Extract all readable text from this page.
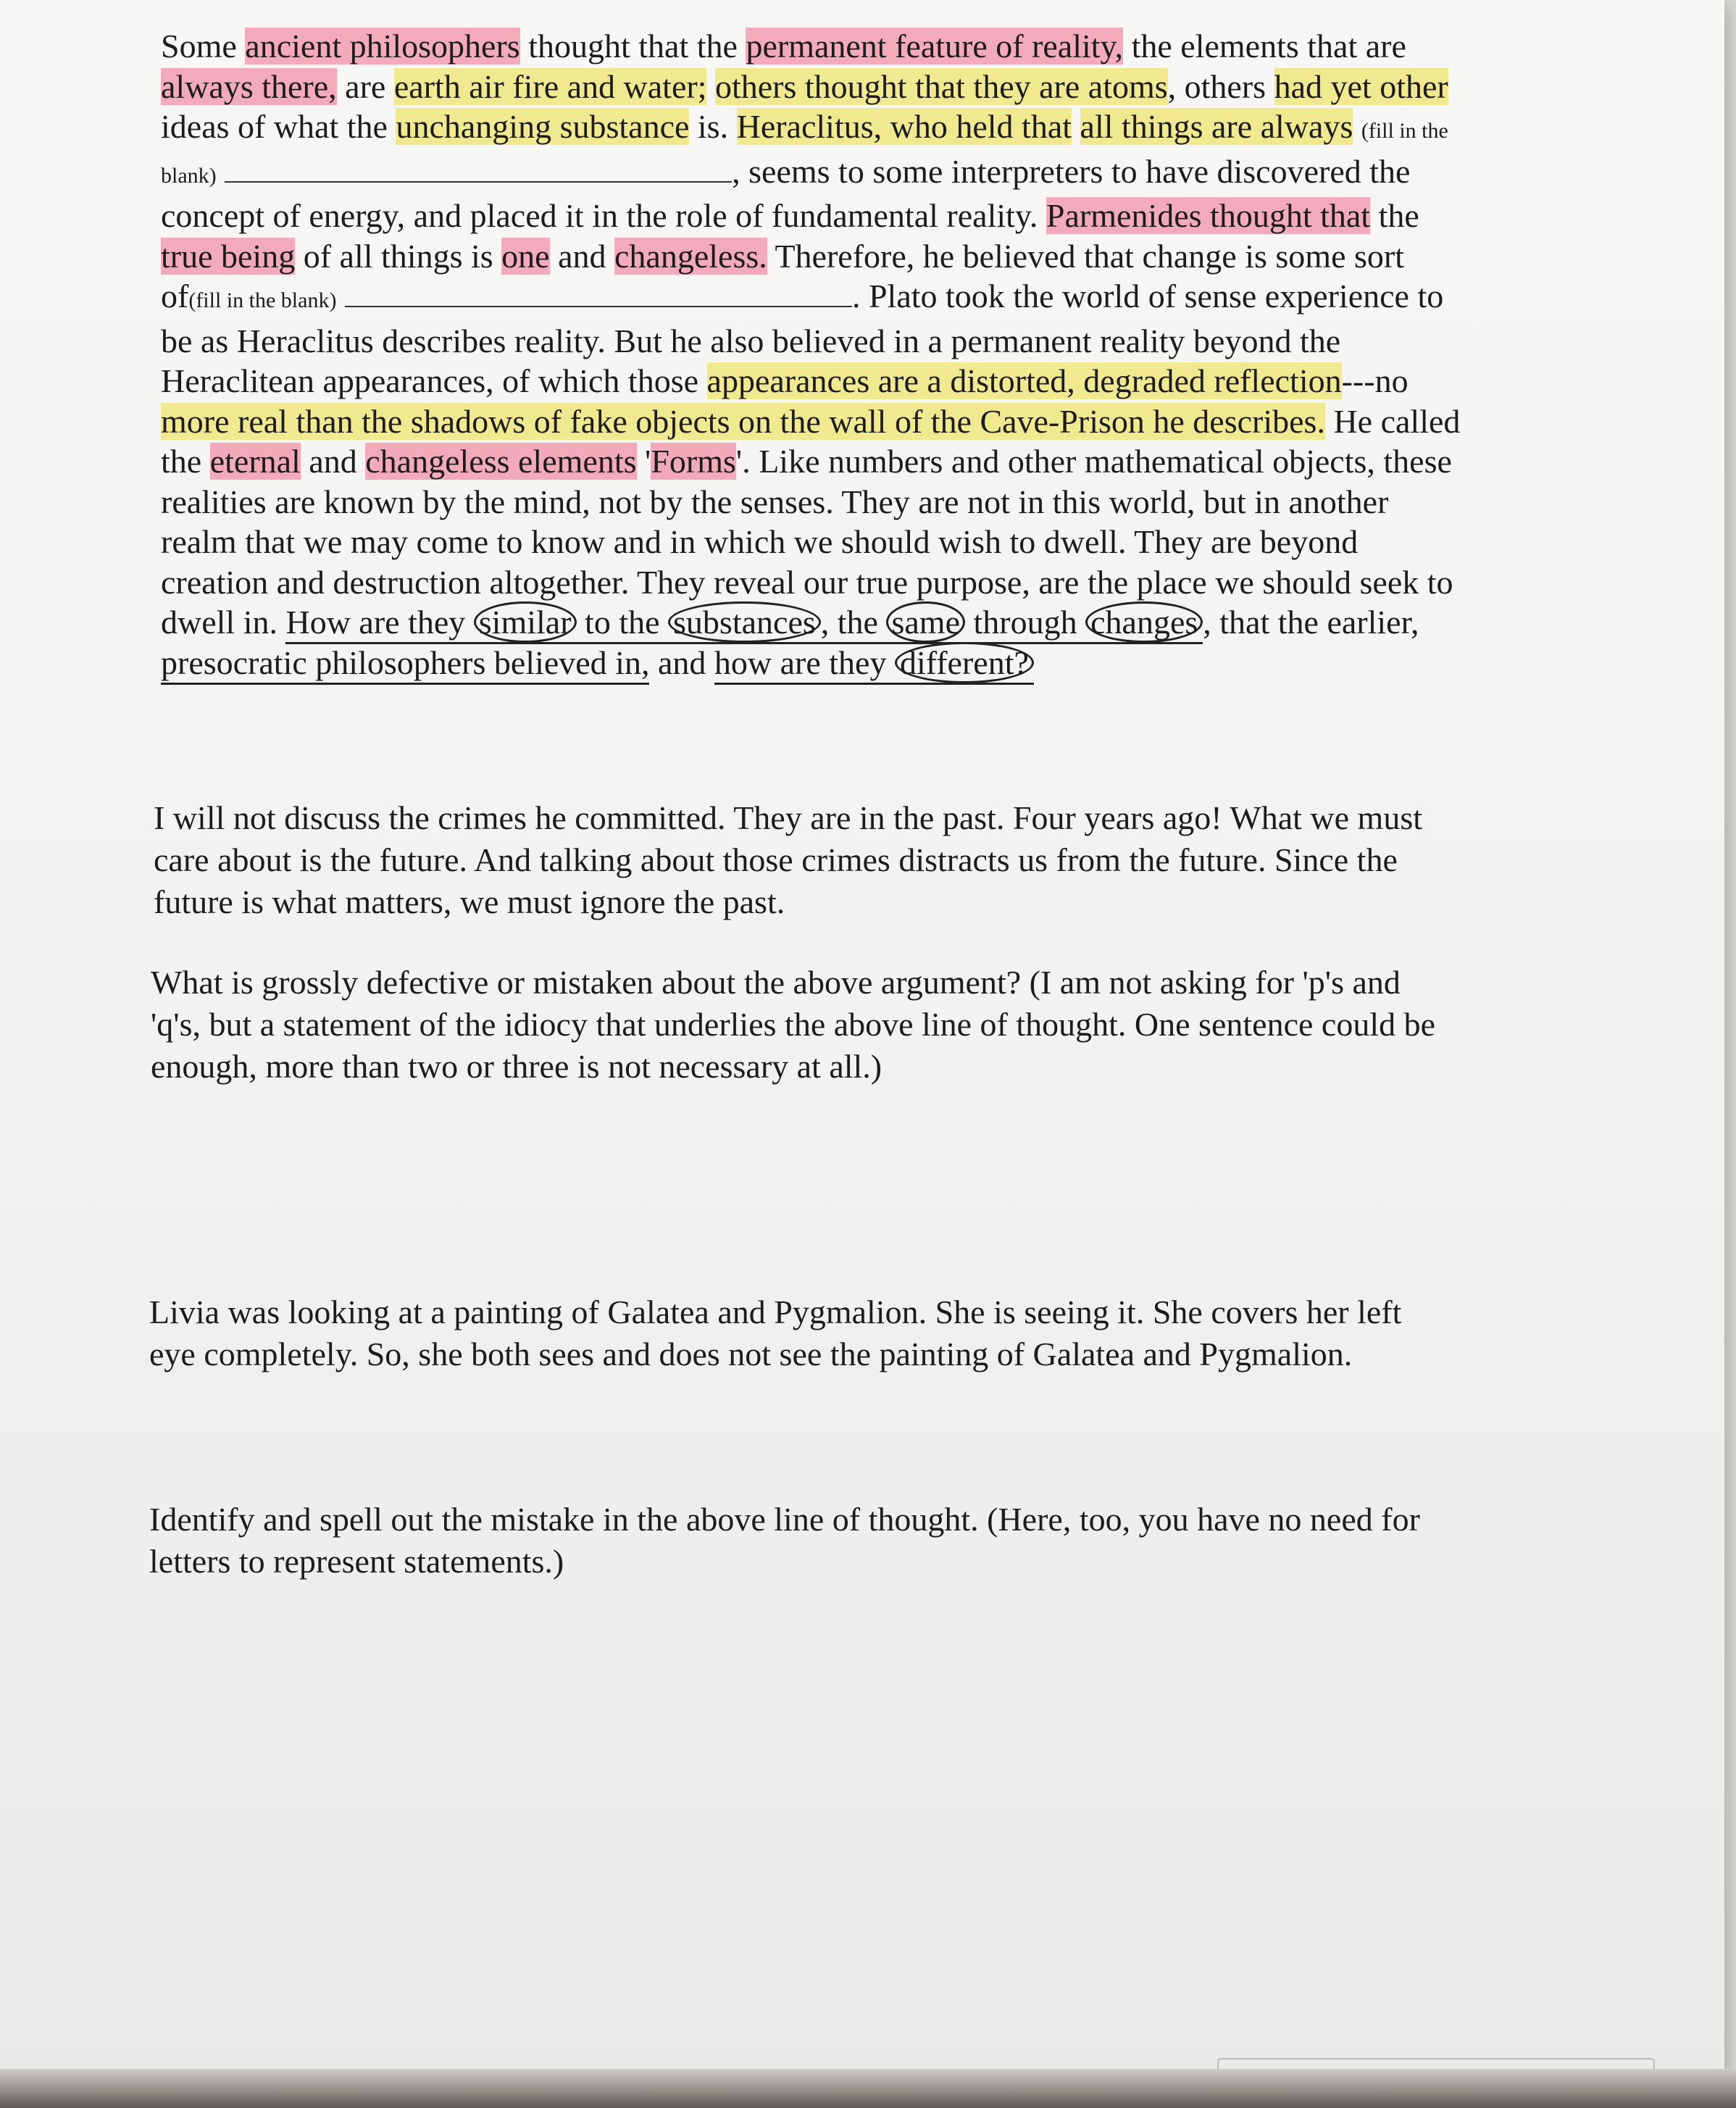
Some ancient philosophers thought that the permanent feature of reality, the elements that are
always there, are earth air fire and water; others thought that they are atoms, others had yet other
ideas of what the unchanging substance is. Heraclitus, who held that all things are always (fill in the
blank)	, seems to some interpreters to have discovered the
concept of energy, and placed it in the role of fundamental reality. Parmenides thought that the
true being of all things is one and changeless. Therefore, he believed that change is some sort
of(fill in the blank)	. Plato took the world of sense experience to
be as Heraclitus describes reality. But he also believed in a permanent reality beyond the
Heraclitean appearances, of which those appearances are a distorted, degraded reflection---no
more real than the shadows of fake objects on the wall of the Cave-Prison he describes. He called
the eternal and changeless elements 'Forms'. Like numbers and other mathematical objects, these
realities are known by the mind, not by the senses. They are not in this world, but in another
realm that we may come to know and in which we should wish to dwell. They are beyond
creation and destruction altogether. They reveal our true purpose, are the place we should seek to
dwell in. How are they similar to the substances , the same through changes , that the earlier,
presocratic philosophers believed in, and how are they different?
I will not discuss the crimes he committed. They are in the past. Four years ago! What we must
care about is the future. And talking about those crimes distracts us from the future. Since the
future is what matters, we must ignore the past.
What is grossly defective or mistaken about the above argument? (I am not asking for 'p's and
'q's, but a statement of the idiocy that underlies the above line of thought. One sentence could be
enough, more than two or three is not necessary at all.)
Livia was looking at a painting of Galatea and Pygmalion. She is seeing it. She covers her left
eye completely. So, she both sees and does not see the painting of Galatea and Pygmalion.
Identify and spell out the mistake in the above line of thought. (Here, too, you have no need for
letters to represent statements.)
